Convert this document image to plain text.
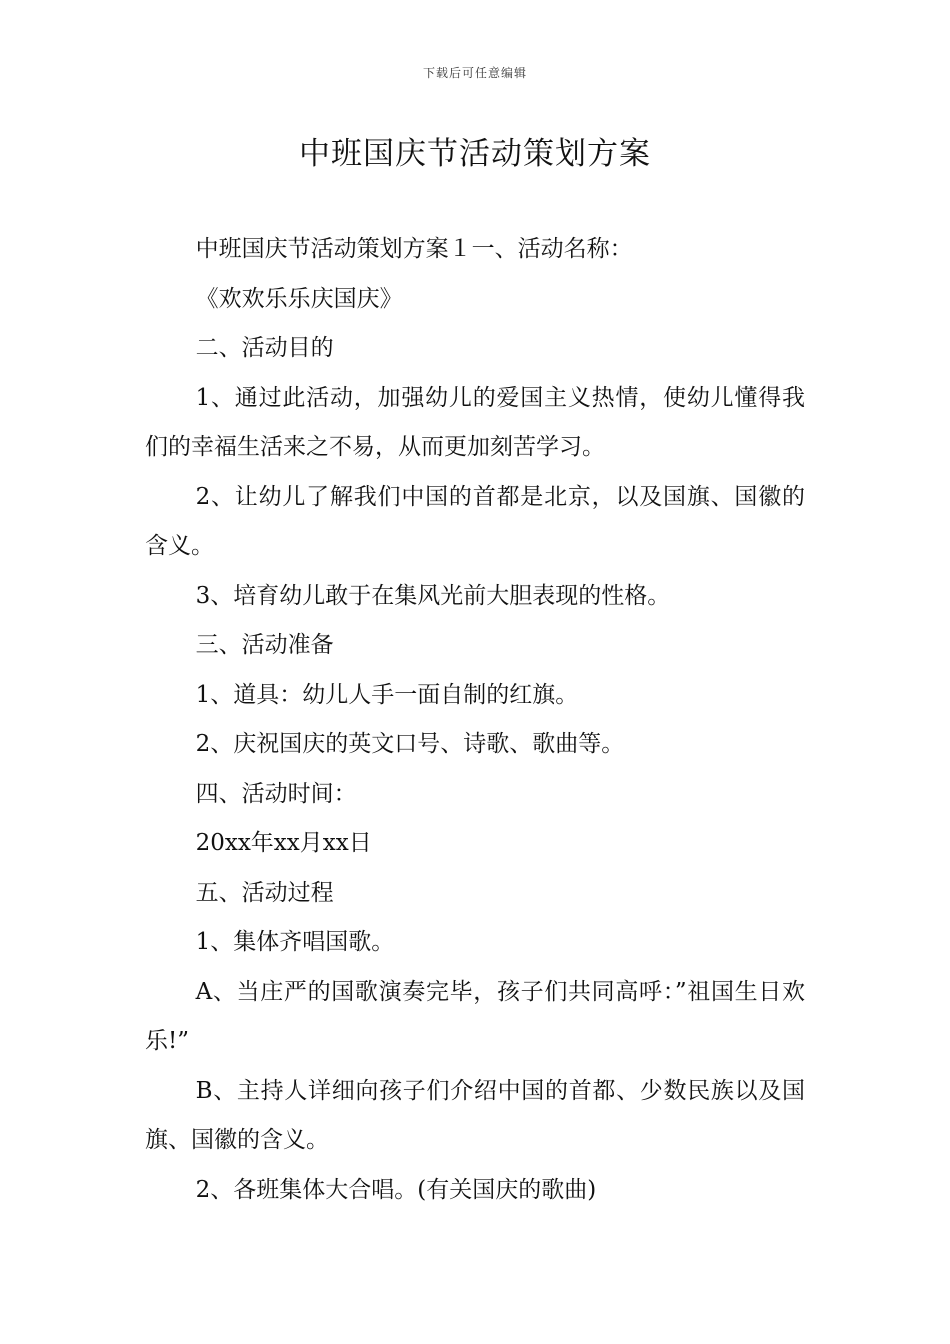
下载后可任意编辑
中班国庆节活动策划方案

中班国庆节活动策划方案１一、活动名称：

《欢欢乐乐庆国庆》

二、活动目的

1、通过此活动，加强幼儿的爱国主义热情，使幼儿懂得我们的幸福生活来之不易，从而更加刻苦学习。

2、让幼儿了解我们中国的首都是北京，以及国旗、国徽的含义。

3、培育幼儿敢于在集风光前大胆表现的性格。

三、活动准备

1、道具：幼儿人手一面自制的红旗。

2、庆祝国庆的英文口号、诗歌、歌曲等。

四、活动时间：

20xx年xx月xx日

五、活动过程

1、集体齐唱国歌。

A、当庄严的国歌演奏完毕，孩子们共同高呼：”祖国生日欢乐!”

B、主持人详细向孩子们介绍中国的首都、少数民族以及国旗、国徽的含义。

2、各班集体大合唱。(有关国庆的歌曲)
